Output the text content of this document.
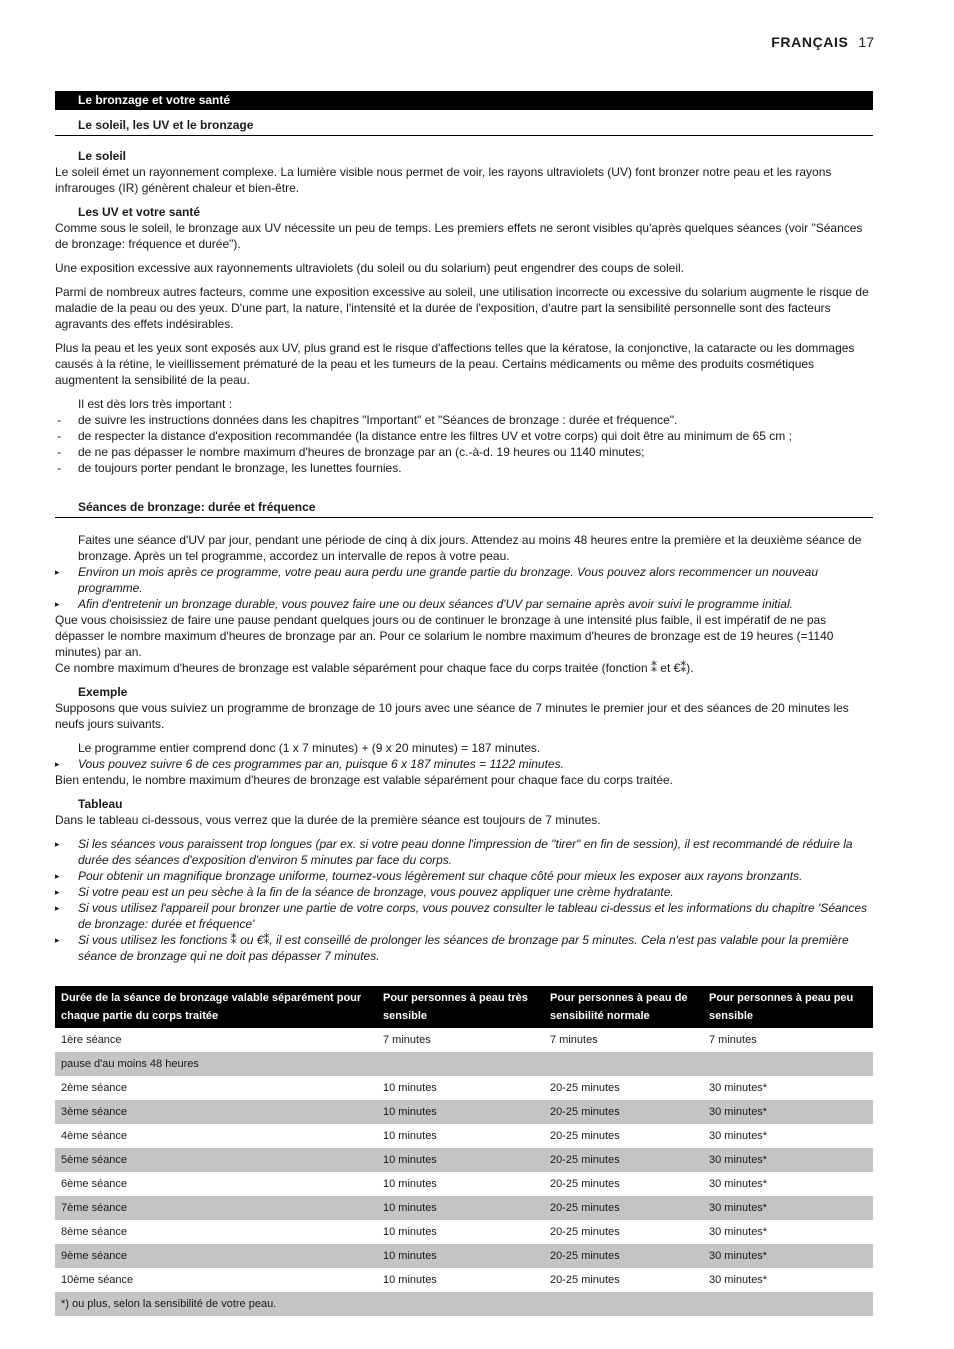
FRANÇAIS 17
Le bronzage et votre santé
Le soleil, les UV et le bronzage
Le soleil

Le soleil émet un rayonnement complexe. La lumière visible nous permet de voir, les rayons ultraviolets (UV) font bronzer notre peau et les rayons infrarouges (IR) génèrent chaleur et bien-être.

Les UV et votre santé

Comme sous le soleil, le bronzage aux UV nécessite un peu de temps. Les premiers effets ne seront visibles qu'après quelques séances (voir "Séances de bronzage: fréquence et durée").

Une exposition excessive aux rayonnements ultraviolets (du soleil ou du solarium) peut engendrer des coups de soleil.

Parmi de nombreux autres facteurs, comme une exposition excessive au soleil, une utilisation incorrecte ou excessive du solarium augmente le risque de maladie de la peau ou des yeux. D'une part, la nature, l'intensité et la durée de l'exposition, d'autre part la sensibilité personnelle sont des facteurs agravants des effets indésirables.

Plus la peau et les yeux sont exposés aux UV, plus grand est le risque d'affections telles que la kératose, la conjonctive, la cataracte ou les dommages causés à la rétine, le vieillissement prématuré de la peau et les tumeurs de la peau. Certains médicaments ou même des produits cosmétiques augmentent la sensibilité de la peau.

Il est dès lors très important :
- de suivre les instructions données dans les chapitres "Important" et "Séances de bronzage : durée et fréquence".
- de respecter la distance d'exposition recommandée (la distance entre les filtres UV et votre corps) qui doit être au minimum de 65 cm ;
- de ne pas dépasser le nombre maximum d'heures de bronzage par an (c.-à-d. 19 heures ou 1140 minutes;
- de toujours porter pendant le bronzage, les lunettes fournies.
Séances de bronzage: durée et fréquence
Faites une séance d'UV par jour, pendant une période de cinq à dix jours. Attendez au moins 48 heures entre la première et la deuxième séance de bronzage. Après un tel programme, accordez un intervalle de repos à votre peau.
▸ Environ un mois après ce programme, votre peau aura perdu une grande partie du bronzage. Vous pouvez alors recommencer un nouveau programme.
▸ Afin d'entretenir un bronzage durable, vous pouvez faire une ou deux séances d'UV par semaine après avoir suivi le programme initial.
Que vous choisissiez de faire une pause pendant quelques jours ou de continuer le bronzage à une intensité plus faible, il est impératif de ne pas dépasser le nombre maximum d'heures de bronzage par an. Pour ce solarium le nombre maximum d'heures de bronzage est de 19 heures (=1140 minutes) par an.

Ce nombre maximum d'heures de bronzage est valable séparément pour chaque face du corps traitée (fonction ⁑ et €⁑).

Exemple

Supposons que vous suiviez un programme de bronzage de 10 jours avec une séance de 7 minutes le premier jour et des séances de 20 minutes les neufs jours suivants.

Le programme entier comprend donc (1 x 7 minutes) + (9 x 20 minutes) = 187 minutes.
▸ Vous pouvez suivre 6 de ces programmes par an, puisque 6 x 187 minutes = 1122 minutes.

Bien entendu, le nombre maximum d'heures de bronzage est valable séparément pour chaque face du corps traitée.

Tableau

Dans le tableau ci-dessous, vous verrez que la durée de la première séance est toujours de 7 minutes.

▸ Si les séances vous paraissent trop longues (par ex. si votre peau donne l'impression de "tirer" en fin de session), il est recommandé de réduire la durée des séances d'exposition d'environ 5 minutes par face du corps.
▸ Pour obtenir un magnifique bronzage uniforme, tournez-vous légèrement sur chaque côté pour mieux les exposer aux rayons bronzants.
▸ Si votre peau est un peu sèche à la fin de la séance de bronzage, vous pouvez appliquer une crème hydratante.
▸ Si vous utilisez l'appareil pour bronzer une partie de votre corps, vous pouvez consulter le tableau ci-dessus et les informations du chapitre 'Séances de bronzage: durée et fréquence'
▸ Si vous utilisez les fonctions ⁑ ou €⁑, il est conseillé de prolonger les séances de bronzage par 5 minutes. Cela n'est pas valable pour la première séance de bronzage qui ne doit pas dépasser 7 minutes.
Durée de la séance de bronzage valable séparément pour chaque partie du corps traitée	Pour personnes à peau très sensible	Pour personnes à peau de sensibilité normale	Pour personnes à peau peu sensible
1ère séance	7 minutes	7 minutes	7 minutes
pause d'au moins 48 heures			
2ème séance	10 minutes	20-25 minutes	30 minutes*
3ème séance	10 minutes	20-25 minutes	30 minutes*
4ème séance	10 minutes	20-25 minutes	30 minutes*
5ème séance	10 minutes	20-25 minutes	30 minutes*
6ème séance	10 minutes	20-25 minutes	30 minutes*
7ème séance	10 minutes	20-25 minutes	30 minutes*
8ème séance	10 minutes	20-25 minutes	30 minutes*
9ème séance	10 minutes	20-25 minutes	30 minutes*
10ème séance	10 minutes	20-25 minutes	30 minutes*
*) ou plus, selon la sensibilité de votre peau.			
